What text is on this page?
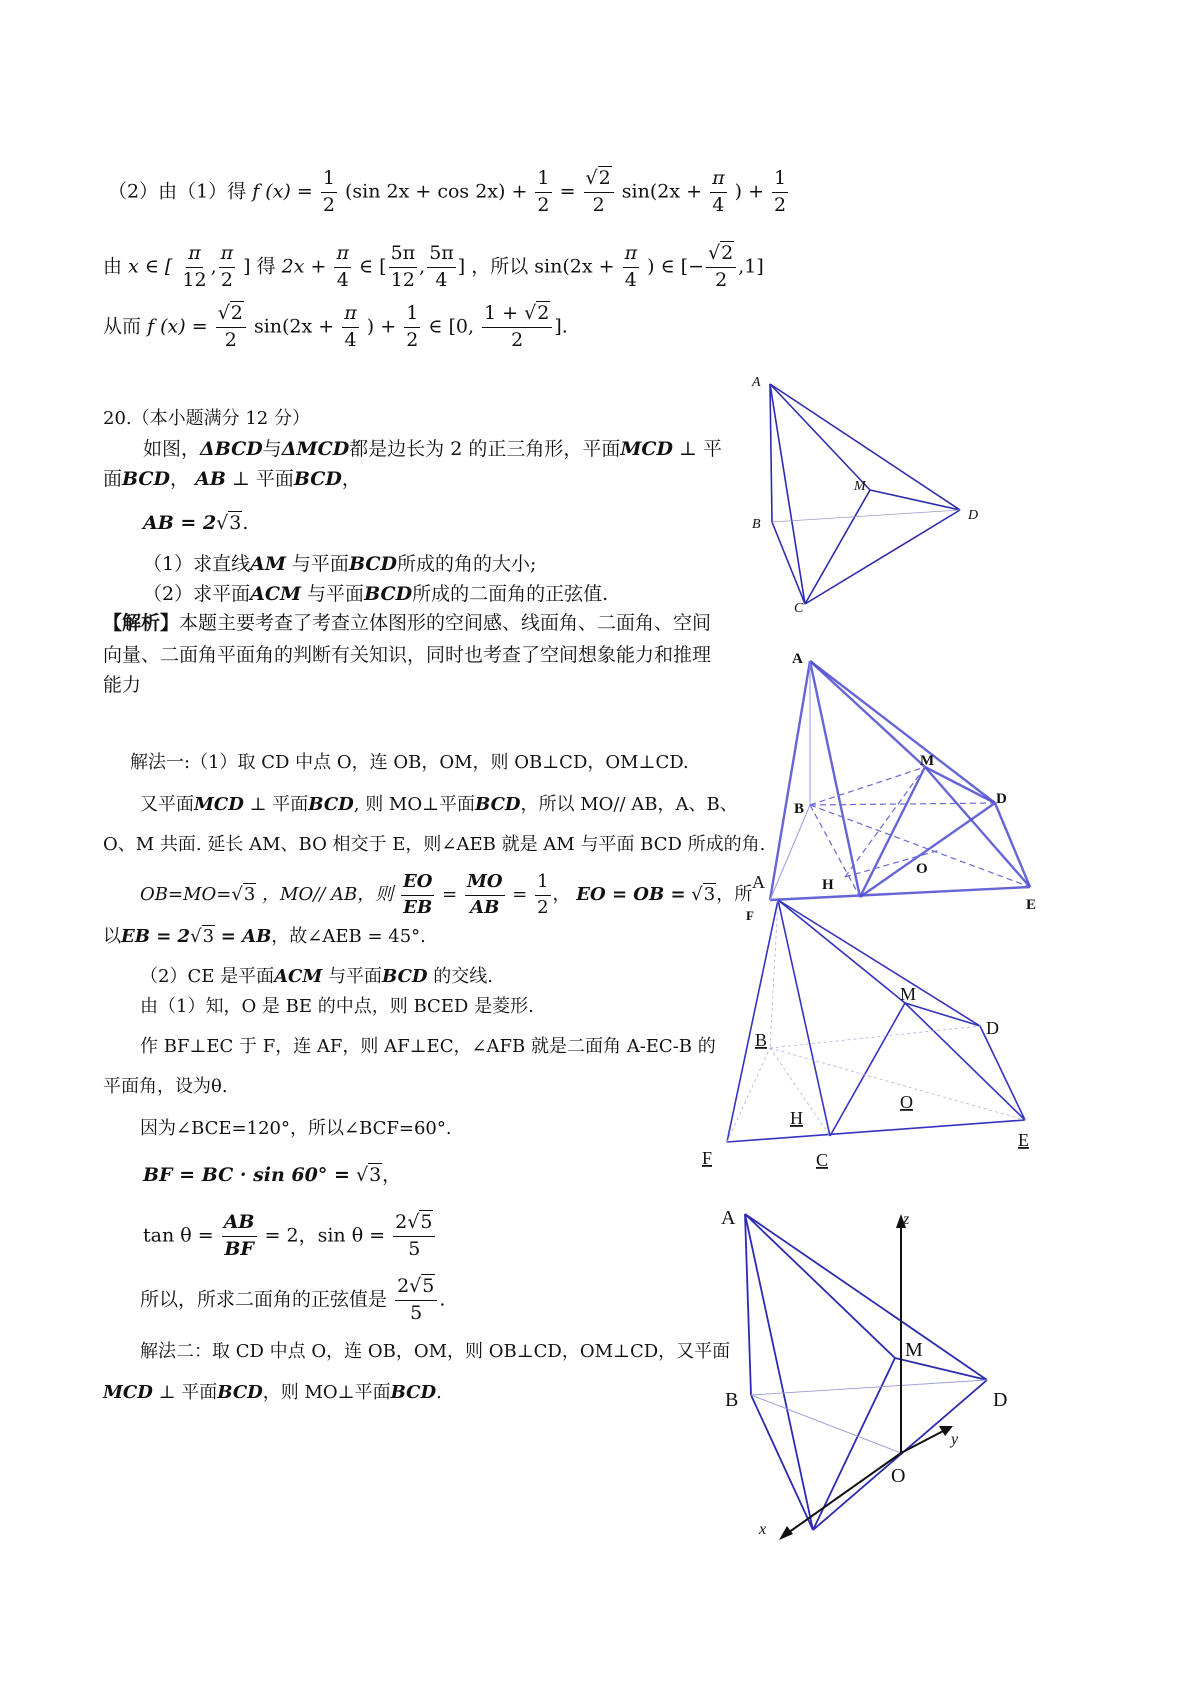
（2）由（1）得 f $(x) = \frac{1}{2} (\sin$ $2x + \cos 2x) + \frac{1}{2} = \frac{√2}{2} \sin(2x + \frac{\pi}{4}$ ) + $\frac{1}{2}$
由 x ∈ [ $\frac{\pi}{12}$ , $\frac{\pi}{2}$ ] 得 $2x + \frac{\pi}{4}$ ∈ [ $\frac{5\pi}{12}$ , $\frac{5\pi}{4}$ ] ，所以 $\sin(2x + \frac{\pi}{4}$ ) ∈ [− $\frac{√2}{2} ,1$]
从而 f $(x) = \frac{√2}{2} \sin(2x + \frac{\pi}{4}$ ) + $\frac{1}{2}$ ∈ [0, $\frac{1 + √2}{2}$ ].
20.（本小题满分 12 分）
如图，ΔBCD与ΔMCD都是边长为 2 的正三角形，平面MCD ⊥ 平
面BCD， AB ⊥ 平面BCD，
AB = 2√3.
（1）求直线AM 与平面BCD所成的角的大小;
（2）求平面ACM 与平面BCD所成的二面角的正弦值.
【解析】本题主要考查了考查立体图形的空间感、线面角、二面角、空间
向量、二面角平面角的判断有关知识，同时也考查了空间想象能力和推理
能力
解法一:（1）取 CD 中点 O，连 OB，OM，则 OB⊥CD，OM⊥CD.
又平面MCD ⊥ 平面BCD, 则 MO⊥平面BCD，所以 MO// AB，A、B、
O、M 共面. 延长 AM、BO 相交于 E，则∠AEB 就是 AM 与平面 BCD 所成的角.
OB=MO=√3 ，MO// AB，则 $\frac{EO}{EB} = \frac{MO}{AB} = \frac{1}{2}$ ， EO = OB = √3，所
以EB = 2√3 = AB，故∠AEB = 45°.
（2）CE 是平面ACM 与平面BCD 的交线.
由（1）知，O 是 BE 的中点，则 BCED 是菱形.
作 BF⊥EC 于 F，连 AF，则 AF⊥EC，∠AFB 就是二面角 A-EC-B 的
平面角，设为θ.
因为∠BCE=120°，所以∠BCF=60°.
BF = BC · sin 60° = √3，
$\tan \theta = \frac{AB}{BF} = 2$，$\sin \theta = \frac{2√5}{5}$
所以，所求二面角的正弦值是 $\frac{2√5}{5}$ .
解法二：取 CD 中点 O，连 OB，OM，则 OB⊥CD，OM⊥CD，又平面
MCD ⊥ 平面BCD，则 MO⊥平面BCD.
A
B
C
D
M
A
B
M
D
O
H
E
A
F
B
M
D
O
H
E
F	C
A
B
M
D
O
y
z
x
